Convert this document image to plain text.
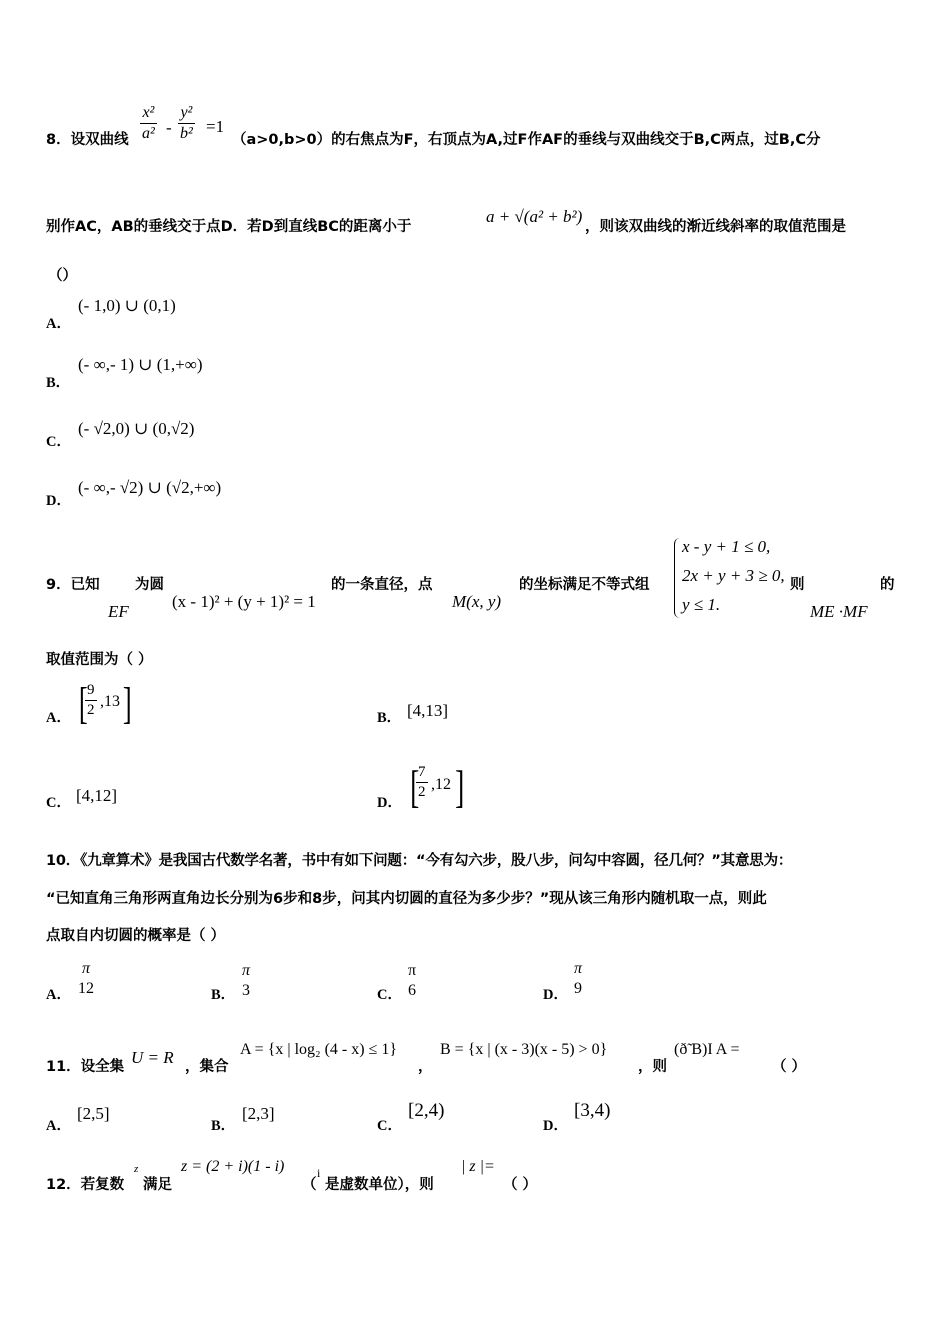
8．设双曲线 $\frac{\text{x²}}{\text{a²}} - \frac{\text{y²}}{\text{b²}} =1$
（a>0,b>0）的右焦点为F，右顶点为A,过F作AF的垂线与双曲线交于B,C两点，过B,C分
别作AC，AB的垂线交于点D．若D到直线BC的距离小于
a + √(a² + b²)
，则该双曲线的渐近线斜率的取值范围是
（）
A．
(- 1,0) ∪ (0,1)
B．
(- ∞,- 1) ∪ (1,+∞)
C．
(- √2,0) ∪ (0,√2)
D．
(- ∞,- √2) ∪ (√2,+∞)
9．已知
EF
为圆
(x - 1)² + (y + 1)² = 1
的一条直径，点
M(x, y)
的坐标满足不等式组
x - y + 1 ≤ 0,
2x + y + 3 ≥ 0,
y ≤ 1.
则
ME ·MF
的
取值范围为（ ）
A． [
$\frac{9}{2} ,13$ ]	B． [4,13]
C． [4,12]	D． [
$\frac{7}{2} ,12$ ]
10．《九章算术》是我国古代数学名著，书中有如下问题：“今有勾六步，股八步，问勾中容圆，径几何？”其意思为：
“已知直角三角形两直角边长分别为6步和8步，问其内切圆的直径为多少步？”现从该三角形内随机取一点，则此
点取自内切圆的概率是（ ）
A．
π
12	B．
π
3	C．
π
6	D．
π
9
11．设全集 U = R ，集合
A = {x | log₂ (4 - x) ≤ 1}
，
B = {x | (x - 3)(x - 5) > 0}
，则
(ð̃ B)I A =
（ ）
A．
[2,5]
B．
[2,3]
C．
[2,4)
D．
[3,4)
12．若复数
z
满足
z = (2 + i)(1 - i)
（
i
是虚数单位），则
| z |=
（ ）
